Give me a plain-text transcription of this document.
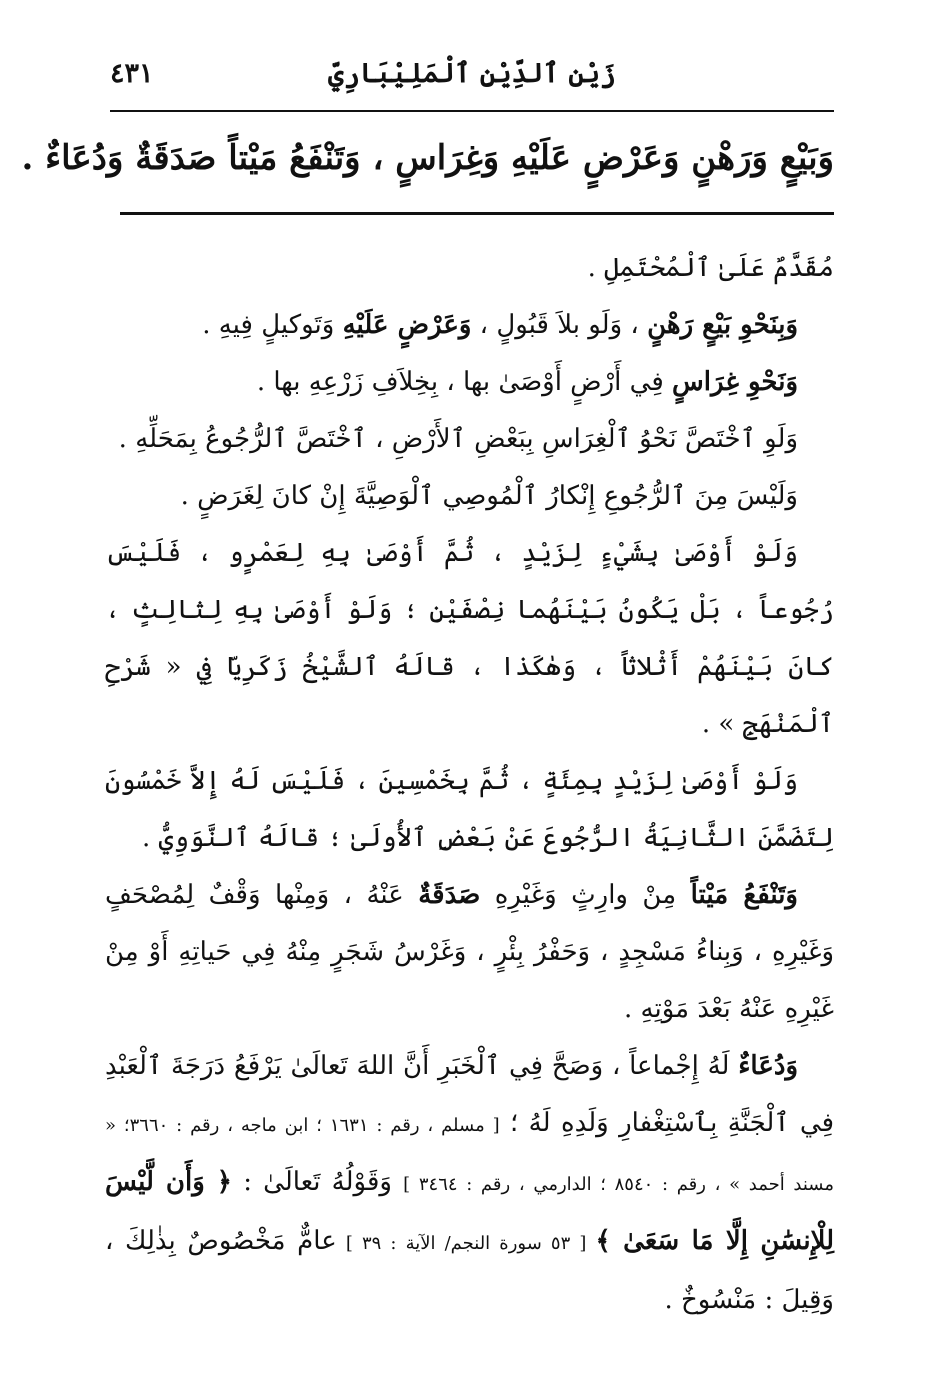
زَيْن ٱلدِّيْنِ ٱلْمَلِيْبَارِيّ
٤٣١
وَبَيْعٍ وَرَهْنٍ وَعَرْضٍ عَلَيْهِ وَغِرَاسٍ ، وَتَنْفَعُ مَيْتاً صَدَقَةٌ وَدُعَاءٌ .

مُقَدَّمٌ عَلَىٰ ٱلْمُحْتَمِلِ .

وَبِنَحْوِ بَيْعٍ رَهْنٍ ، وَلَو بلاَ قَبُولٍ ، وَعَرْضٍ عَلَيْهِ وَتَوكيلٍ فِيهِ .

وَنَحْوِ غِرَاسٍ فِي أَرْضٍ أَوْصَىٰ بها ، بِخِلاَفِ زَرْعِهِ بها .

وَلَوِ ٱخْتَصَّ نَحْوُ ٱلْغِرَاسِ بِبَعْضِ ٱلأَرْضِ ، ٱخْتَصَّ ٱلرُّجُوعُ بِمَحَلِّهِ .

وَلَيْسَ مِنَ ٱلرُّجُوعِ إِنْكارُ ٱلْمُوصِي ٱلْوَصِيَّةَ إِنْ كانَ لِغَرَضٍ .

وَلَوْ أَوْصَىٰ بِشَيْءٍ لِزَيْدٍ ، ثُمَّ أَوْصَىٰ بِهِ لِعَمْرٍو ، فَلَيْسَ رُجُوعاً ، بَلْ يَكُونُ بَيْنَهُما نِصْفَيْنِ ؛ وَلَوْ أَوْصَىٰ بِهِ لِثالِثٍ ، كانَ بَيْنَهُمْ أَثْلاثاً ، وَهٰكَذا ، قالَهُ ٱلشَّيْخُ زَكَرِيّا فِي « شَرْحِ ٱلْمَنْهَجِ » .

وَلَوْ أَوْصَىٰ لِزَيْدٍ بِمِئَةٍ ، ثُمَّ بِخَمْسِينَ ، فَلَيْسَ لَهُ إِلاَّ خَمْسُونَ لِتَضَمَّنَ الثَّانِيَةُ الرُّجُوعَ عَنْ بَعْضِ ٱلأُولَىٰ ؛ قالَهُ ٱلنَّوَوِيُّ .

وَتَنْفَعُ مَيْتاً مِنْ وارِثٍ وَغَيْرِهِ صَدَقَةٌ عَنْهُ ، وَمِنْها وَقْفٌ لِمُصْحَفٍ وَغَيْرِهِ ، وَبِناءُ مَسْجِدٍ ، وَحَفْرُ بِئْرٍ ، وَغَرْسُ شَجَرٍ مِنْهُ فِي حَياتِهِ أَوْ مِنْ غَيْرِهِ عَنْهُ بَعْدَ مَوْتِهِ .

وَدُعَاءٌ لَهُ إِجْماعاً ، وَصَحَّ فِي ٱلْخَبَرِ أَنَّ اللهَ تَعالَىٰ يَرْفَعُ دَرَجَةَ ٱلْعَبْدِ فِي ٱلْجَنَّةِ بِٱسْتِغْفارِ وَلَدِهِ لَهُ ؛ [ مسلم ، رقم : ١٦٣١ ؛ ابن ماجه ، رقم : ٣٦٦٠؛ « مسند أحمد » ، رقم : ٨٥٤٠ ؛ الدارمي ، رقم : ٣٤٦٤ ] وَقَوْلُهُ تَعالَىٰ : ﴿ وَأَن لَّيْسَ لِلْإِنسَٰنِ إِلَّا مَا سَعَىٰ ﴾ [ ٥٣ سورة النجم/ الآية : ٣٩ ] عامٌّ مَخْصُوصٌ بِذٰلِكَ ، وَقِيلَ : مَنْسُوخٌ .
